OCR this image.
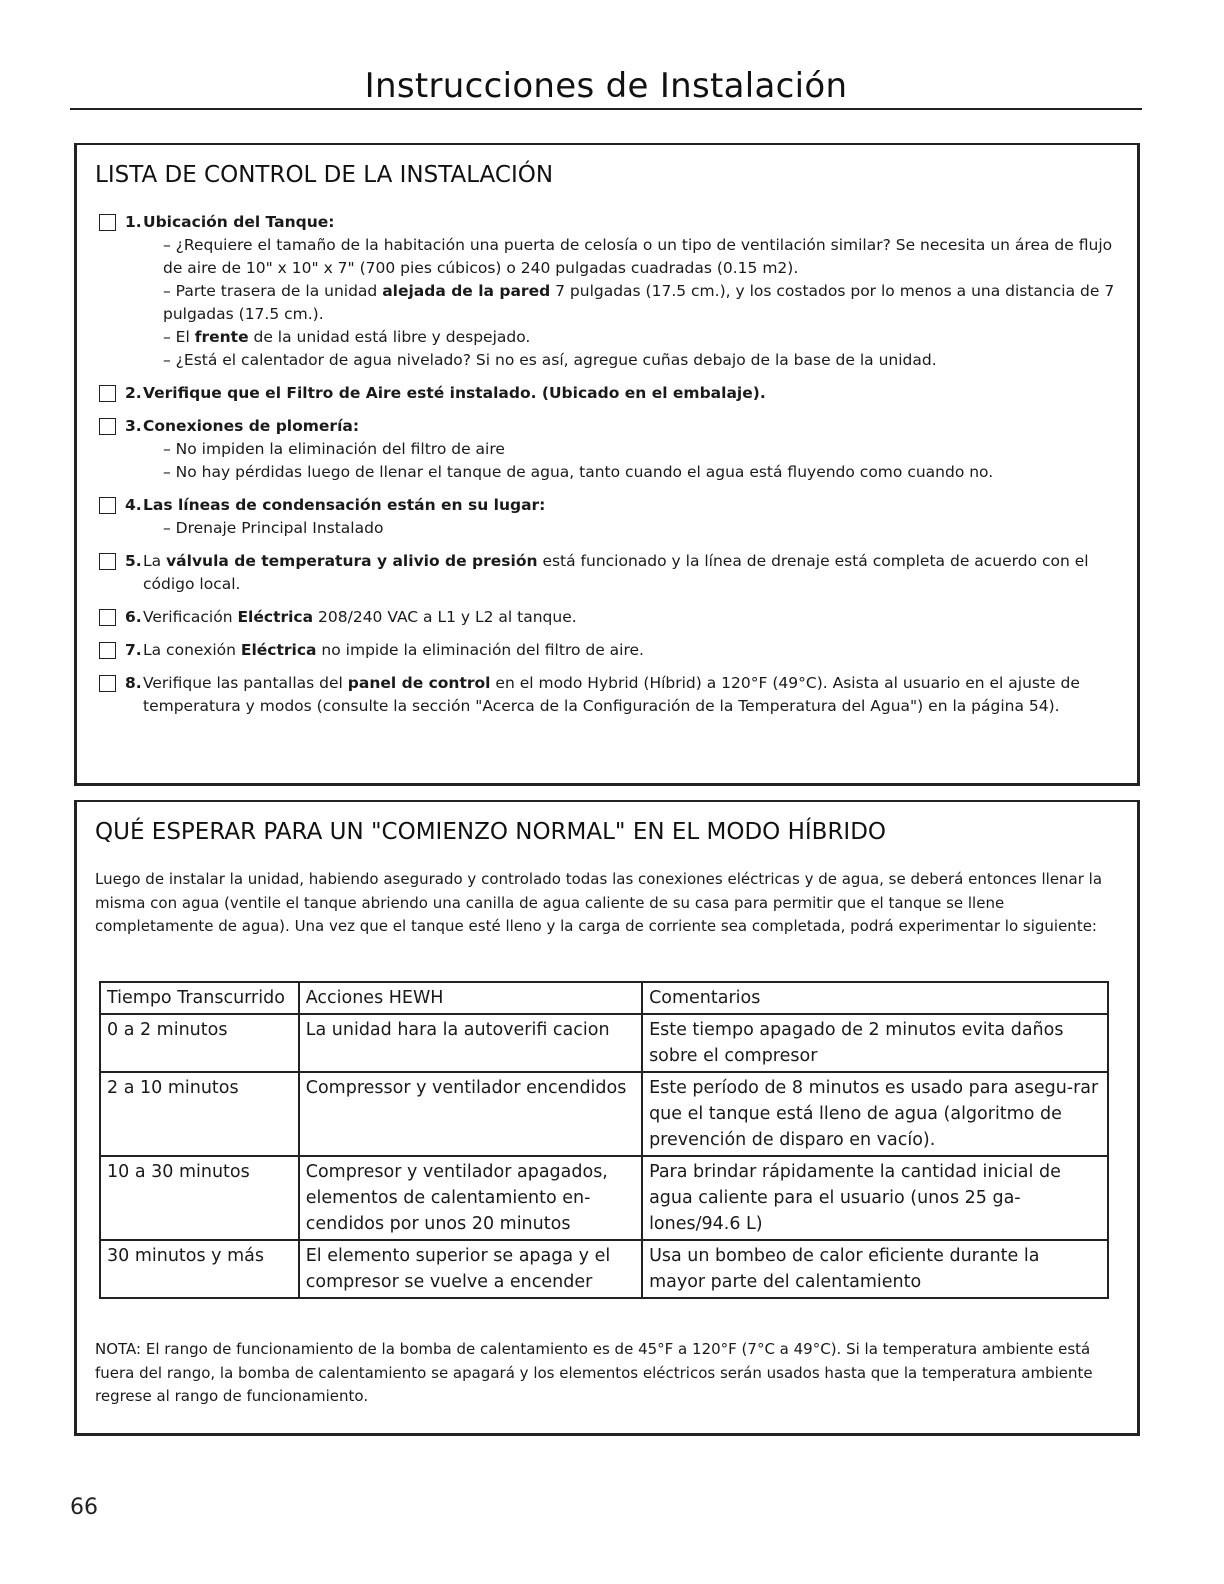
Instrucciones de Instalación
LISTA DE CONTROL DE LA INSTALACIÓN
1. Ubicación del Tanque:
– ¿Requiere el tamaño de la habitación una puerta de celosía o un tipo de ventilación similar? Se necesita un área de flujo de aire de 10" x 10" x 7" (700 pies cúbicos) o 240 pulgadas cuadradas (0.15 m2).
– Parte trasera de la unidad alejada de la pared 7 pulgadas (17.5 cm.), y los costados por lo menos a una distancia de 7 pulgadas (17.5 cm.).
– El frente de la unidad está libre y despejado.
– ¿Está el calentador de agua nivelado? Si no es así, agregue cuñas debajo de la base de la unidad.
2. Verifique que el Filtro de Aire esté instalado. (Ubicado en el embalaje).
3. Conexiones de plomería:
– No impiden la eliminación del filtro de aire
– No hay pérdidas luego de llenar el tanque de agua, tanto cuando el agua está fluyendo como cuando no.
4. Las líneas de condensación están en su lugar:
– Drenaje Principal Instalado
5. La válvula de temperatura y alivio de presión está funcionado y la línea de drenaje está completa de acuerdo con el código local.
6. Verificación Eléctrica 208/240 VAC a L1 y L2 al tanque.
7. La conexión Eléctrica no impide la eliminación del filtro de aire.
8. Verifique las pantallas del panel de control en el modo Hybrid (Híbrid) a 120°F (49°C). Asista al usuario en el ajuste de temperatura y modos (consulte la sección "Acerca de la Configuración de la Temperatura del Agua") en la página 54).
QUÉ ESPERAR PARA UN "COMIENZO NORMAL" EN EL MODO HÍBRIDO
Luego de instalar la unidad, habiendo asegurado y controlado todas las conexiones eléctricas y de agua, se deberá entonces llenar la misma con agua (ventile el tanque abriendo una canilla de agua caliente de su casa para permitir que el tanque se llene completamente de agua). Una vez que el tanque esté lleno y la carga de corriente sea completada, podrá experimentar lo siguiente:
Tiempo Transcurrido	Acciones HEWH	Comentarios
0 a 2 minutos	La unidad hara la autoverifi cacion	Este tiempo apagado de 2 minutos evita daños sobre el compresor
2 a 10 minutos	Compressor y ventilador encendidos	Este período de 8 minutos es usado para asegu-rar que el tanque está lleno de agua (algoritmo de prevención de disparo en vacío).
10 a 30 minutos	Compresor y ventilador apagados, elementos de calentamiento en-cendidos por unos 20 minutos	Para brindar rápidamente la cantidad inicial de agua caliente para el usuario (unos 25 ga-lones/94.6 L)
30 minutos y más	El elemento superior se apaga y el compresor se vuelve a encender	Usa un bombeo de calor eficiente durante la mayor parte del calentamiento
NOTA: El rango de funcionamiento de la bomba de calentamiento es de 45°F a 120°F (7°C a 49°C). Si la temperatura ambiente está fuera del rango, la bomba de calentamiento se apagará y los elementos eléctricos serán usados hasta que la temperatura ambiente regrese al rango de funcionamiento.
66
